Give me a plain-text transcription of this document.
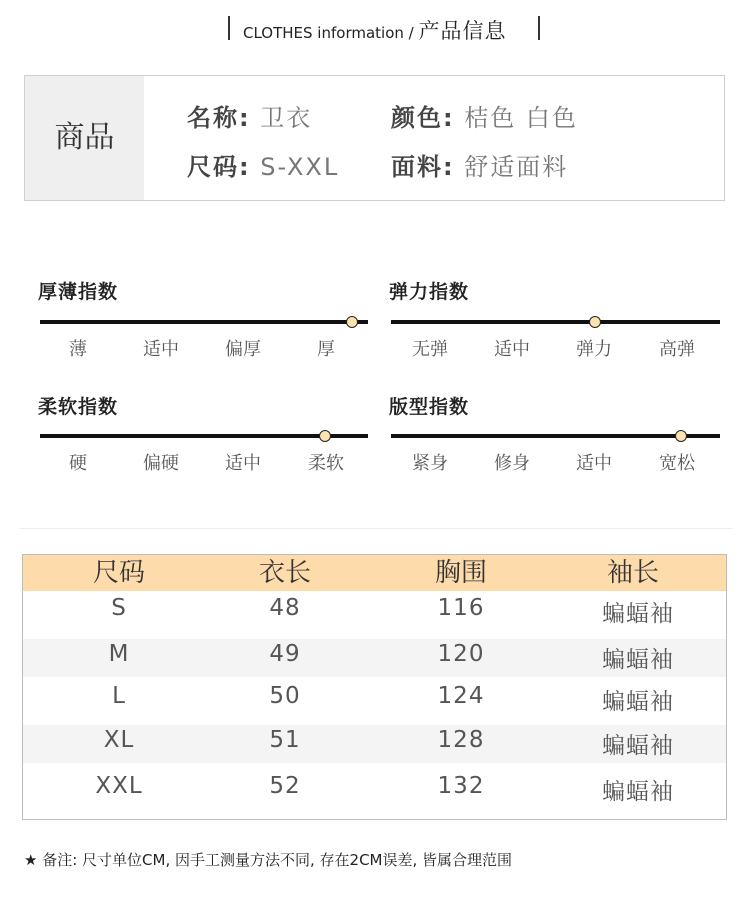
CLOTHES information / 产品信息
商品
名称: 卫衣	颜色: 桔色 白色
尺码: S-XXL 面料: 舒适面料
厚薄指数
薄	适中	偏厚	厚
弹力指数
无弹	适中	弹力	高弹
柔软指数
硬	偏硬	适中	柔软
版型指数
紧身	修身	适中	宽松
尺码	衣长	胸围	袖长
S	48	116	蝙蝠袖
M	49	120	蝙蝠袖
L	50	124	蝙蝠袖
XL	51	128	蝙蝠袖
XXL	52	132	蝙蝠袖
★ 备注: 尺寸单位CM, 因手工测量方法不同, 存在2CM误差, 皆属合理范围
